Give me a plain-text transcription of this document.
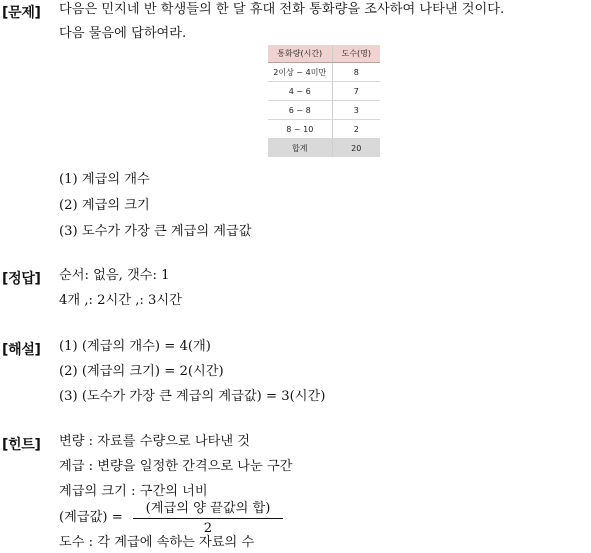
[문제] 다음은 민지네 반 학생들의 한 달 휴대 전화 통화량을 조사하여 나타낸 것이다.
다음 물음에 답하여라.
통화량(시간)	도수(명)
2이상 ~ 4미만	8
4 ~ 6	7
6 ~ 8	3
8 ~ 10	2
합계	20
(1) 계급의 개수
(2) 계급의 크기
(3) 도수가 가장 큰 계급의 계급값
[정답] 순서: 없음, 갯수: 1
4개 ,: 2시간 ,: 3시간
[해설] (1) (계급의 개수) = 4(개)
(2) (계급의 크기) = 2(시간)
(3) (도수가 가장 큰 계급의 계급값) = 3(시간)
[힌트] 변량 : 자료를 수량으로 나타낸 것
계급 : 변량을 일정한 간격으로 나눈 구간
계급의 크기 : 구간의 너비
(계급값) =
(계급의 양 끝값의 합)
2
도수 : 각 계급에 속하는 자료의 수
